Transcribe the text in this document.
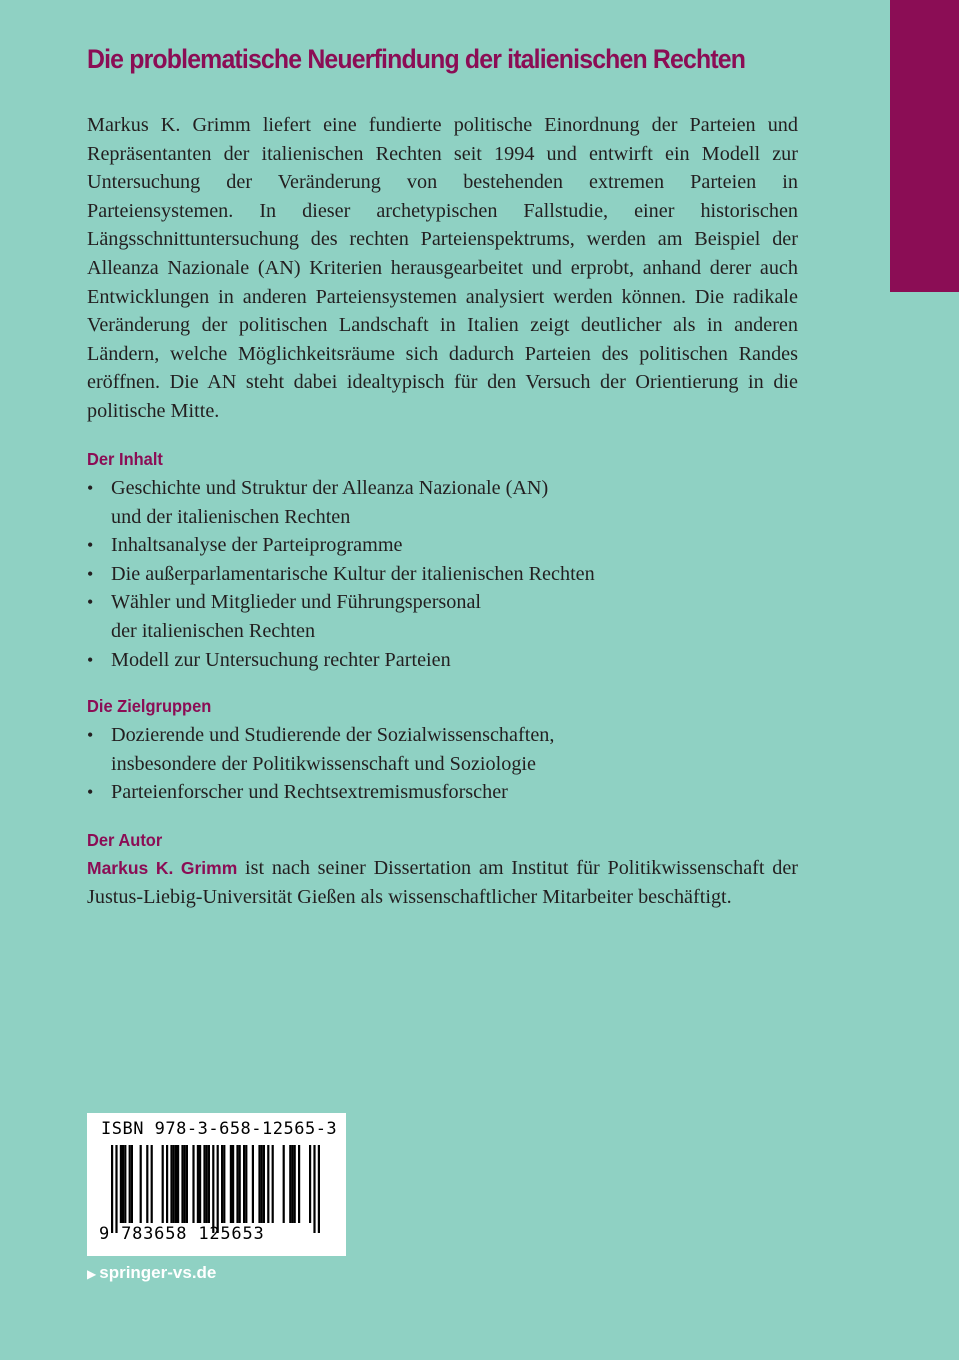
Die problematische Neuerfindung der italienischen Rechten

Markus K. Grimm liefert eine fundierte politische Einordnung der Parteien und Repräsentanten der italienischen Rechten seit 1994 und entwirft ein Modell zur Untersuchung der Veränderung von bestehenden extremen Parteien in Parteiensystemen. In dieser archetypischen Fallstudie, einer historischen Längsschnittuntersuchung des rechten Parteienspektrums, werden am Beispiel der Alleanza Nazionale (AN) Kriterien herausgearbeitet und erprobt, anhand derer auch Entwicklungen in anderen Parteiensystemen analysiert werden können. Die radikale Veränderung der politischen Landschaft in Italien zeigt deutlicher als in anderen Ländern, welche Möglichkeitsräume sich dadurch Parteien des politischen Randes eröffnen. Die AN steht dabei idealtypisch für den Versuch der Orientierung in die politische Mitte.

Der Inhalt
• Geschichte und Struktur der Alleanza Nazionale (AN)
und der italienischen Rechten
• Inhaltsanalyse der Parteiprogramme
• Die außerparlamentarische Kultur der italienischen Rechten
• Wähler und Mitglieder und Führungspersonal
der italienischen Rechten
• Modell zur Untersuchung rechter Parteien
Die Zielgruppen
• Dozierende und Studierende der Sozialwissenschaften,
insbesondere der Politikwissenschaft und Soziologie
• Parteienforscher und Rechtsextremismusforscher
Der Autor

Markus K. Grimm ist nach seiner Dissertation am Institut für Politikwissenschaft der Justus-Liebig-Universität Gießen als wissenschaftlicher Mitarbeiter beschäftigt.

ISBN 978-3-658-12565-3
9 783658 125653
▶ springer-vs.de
